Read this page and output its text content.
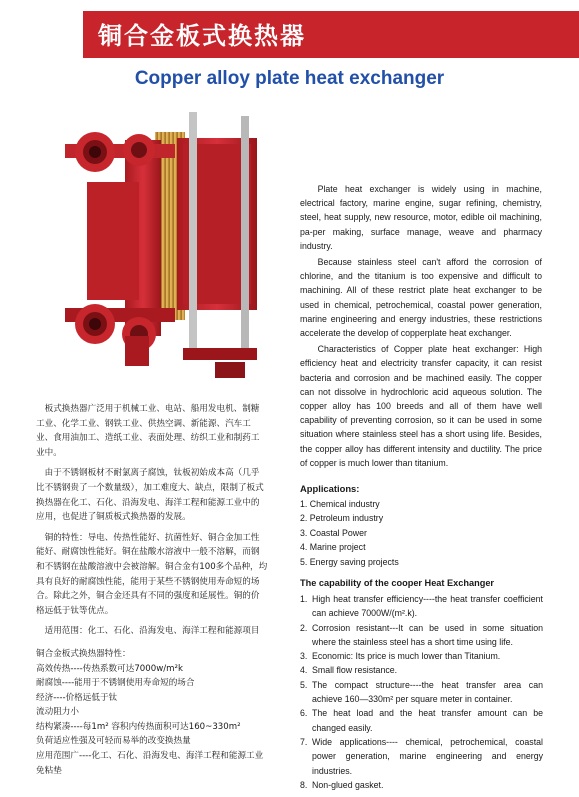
铜合金板式换热器
Copper alloy plate heat exchanger

板式换热器广泛用于机械工业、电站、船用发电机、制糖工业、化学工业、钢铁工业、供热空调、新能源、汽车工业、食用油加工、造纸工业、表面处理、纺织工业和制药工业中。

由于不锈钢板材不耐氯离子腐蚀，钛板初始成本高（几乎比不锈钢贵了一个数量级），加工难度大、缺点，限制了板式换热器在化工、石化、沿海发电、海洋工程和能源工业中的应用，也促进了铜质板式换热器的发展。

铜的特性：导电、传热性能好、抗菌性好、铜合金加工性能好、耐腐蚀性能好。铜在盐酸水溶液中一般不溶解，而钢和不锈钢在盐酸溶液中会被溶解。铜合金有100多个品种，均具有良好的耐腐蚀性能，能用于某些不锈钢使用寿命短的场合。除此之外，铜合金还具有不同的强度和延展性。铜的价格远低于钛等优点。

适用范围：化工、石化、沿海发电、海洋工程和能源项目

铜合金板式换热器特性：

高效传热----传热系数可达7000w/m²k

耐腐蚀----能用于不锈钢使用寿命短的场合

经济----价格远低于钛

流动阻力小

结构紧凑----每1m² 容积内传热面积可达160~330m²

负荷适应性强及可轻而易举的改变换热量

应用范围广----化工、石化、沿海发电、海洋工程和能源工业

免粘垫

Plate heat exchanger is widely using in machine, electrical factory, marine engine, sugar refining, chemistry, steel, heat supply, new resource, motor, edible oil machining, pa-per making, surface manage, weave and pharmacy industry.

Because stainless steel can't afford the corrosion of chlorine, and the titanium is too expensive and difficult to machining. All of these restrict plate heat exchanger to be used in chemical, petrochemical, coastal power generation, marine engineering and energy industries, these restrictions accelerate the develop of copperplate heat exchanger.

Characteristics of Copper plate heat exchanger: High efficiency heat and electricity transfer capacity, it can resist bacteria and corrosion and be machined easily. The copper can not dissolve in hydrochloric acid aqueous solution. The copper alloy has 100 breeds and all of them have well capability of preventing corrosion, so it can be used in some situation where stainless steel has a short using life. Besides, the copper alloy has different intensity and ductility. The price of copper is much lower than titanium.

Applications:
1. Chemical industry
2. Petroleum industry
3. Coastal Power
4. Marine project
5. Energy saving projects
The capability of the cooper Heat Exchanger
1. High heat transfer efficiency----the heat transfer coefficient can achieve 7000W/(m².k).
2. Corrosion resistant---It can be used in some situation where the stainless steel has a short time using life.
3. Economic: Its price is much lower than Titanium.
4. Small flow resistance.
5. The compact structure----the heat transfer area can achieve 160—330m² per square meter in container.
6. The heat load and the heat transfer amount can be changed easily.
7. Wide applications---- chemical, petrochemical, coastal power generation, marine engineering and energy industries.
8. Non-glued gasket.
